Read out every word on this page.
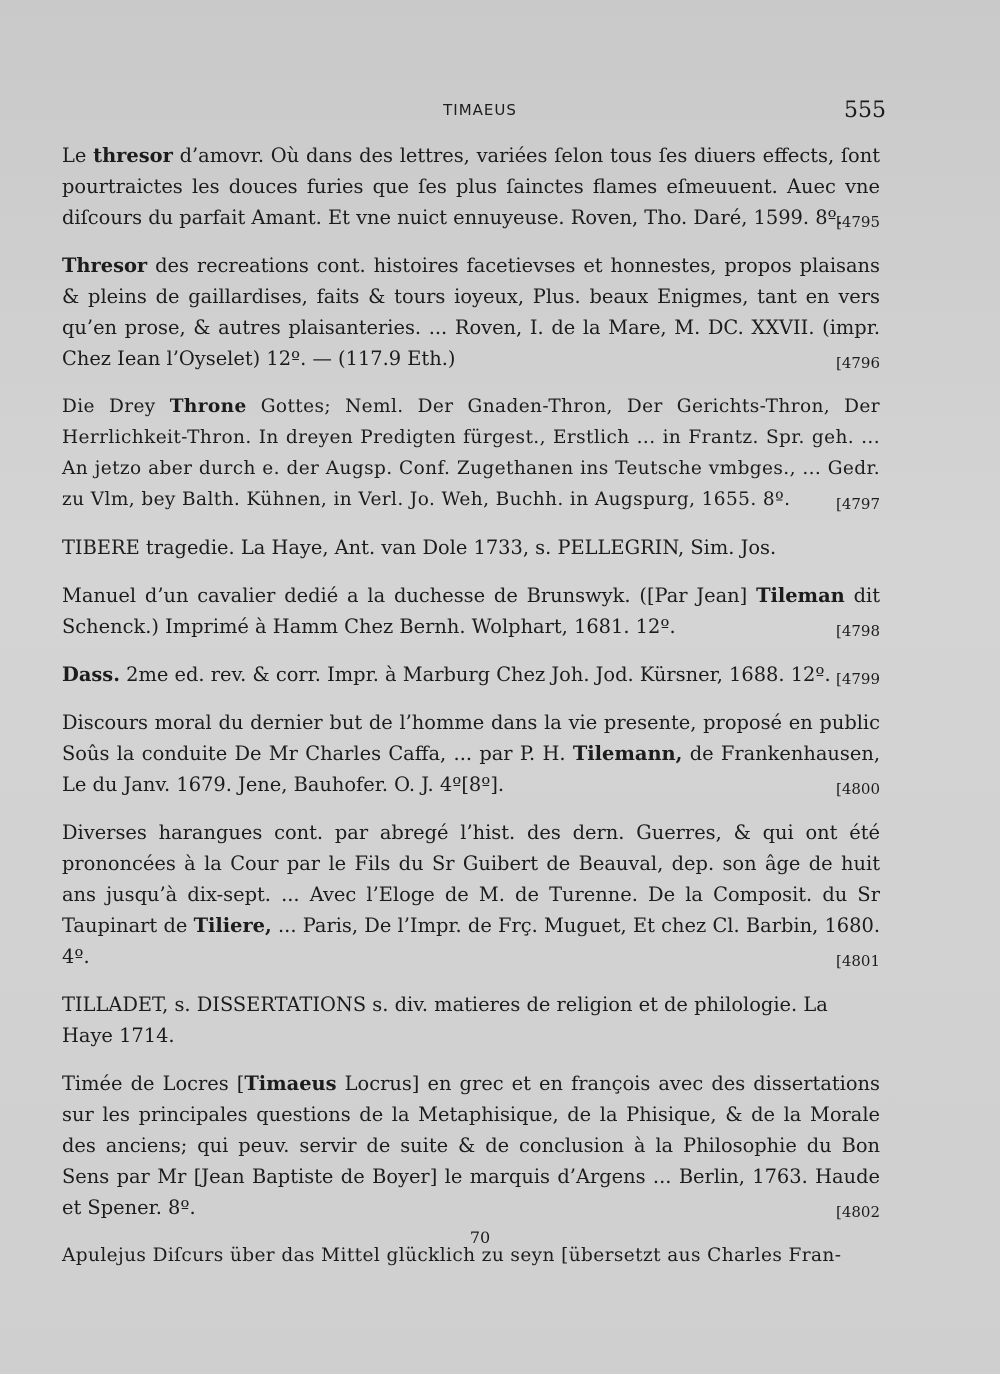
TIMAEUS	555

Le thresor d’amovr. Où dans des lettres, variées ſelon tous ſes diuers effects, ſont pourtraictes les douces furies que ſes plus ſainctes flames eſmeuuent. Auec vne diſcours du parfait Amant. Et vne nuict ennuyeuse. Roven, Tho. Daré, 1599. 8º.

[4795

Thresor des recreations cont. histoires facetievses et honnestes, propos plaisans & pleins de gaillardises, faits & tours ioyeux, Plus. beaux Enigmes, tant en vers qu’en prose, & autres plaisanteries. ... Roven, I. de la Mare, M. DC. XXVII. (impr. Chez Iean l’Oyselet) 12º. — (117.9 Eth.)	[4796

Die Drey Throne Gottes; Neml. Der Gnaden-Thron, Der Gerichts-Thron, Der Herrlichkeit-Thron. In dreyen Predigten fürgest., Erstlich ... in Frantz. Spr. geh. ... An jetzo aber durch e. der Augsp. Conf. Zugethanen ins Teutsche vmbges., ... Gedr. zu Vlm, bey Balth. Kühnen, in Verl. Jo. Weh, Buchh. in Augspurg, 1655. 8º.	[4797

TIBERE tragedie. La Haye, Ant. van Dole 1733, s. PELLEGRIN, Sim. Jos.

Manuel d’un cavalier dedié a la duchesse de Brunswyk. ([Par Jean] Tileman dit Schenck.) Imprimé à Hamm Chez Bernh. Wolphart, 1681. 12º.	[4798

Dass. 2me ed. rev. & corr. Impr. à Marburg Chez Joh. Jod. Kürsner, 1688. 12º. [4799

Discours moral du dernier but de l’homme dans la vie presente, proposé en public Soûs la conduite De Mr Charles Caffa, ... par P. H. Tilemann, de Frankenhausen, Le du Janv. 1679. Jene, Bauhofer. O. J. 4º[8º].	[4800

Diverses harangues cont. par abregé l’hist. des dern. Guerres, & qui ont été prononcées à la Cour par le Fils du Sr Guibert de Beauval, dep. son âge de huit ans jusqu’à dix-sept. ... Avec l’Eloge de M. de Turenne. De la Composit. du Sr Taupinart de Tiliere, ... Paris, De l’Impr. de Frç. Muguet, Et chez Cl. Barbin, 1680. 4º.	[4801

TILLADET, s. DISSERTATIONS s. div. matieres de religion et de philologie. La Haye 1714.

Timée de Locres [Timaeus Locrus] en grec et en françois avec des dissertations sur les principales questions de la Metaphisique, de la Phisique, & de la Morale des anciens; qui peuv. servir de suite & de conclusion à la Philosophie du Bon Sens par Mr [Jean Baptiste de Boyer] le marquis d’Argens ... Berlin, 1763. Haude et Spener. 8º.	[4802

Apulejus Diſcurs über das Mittel glücklich zu seyn [übersetzt aus Charles Fran-

70
